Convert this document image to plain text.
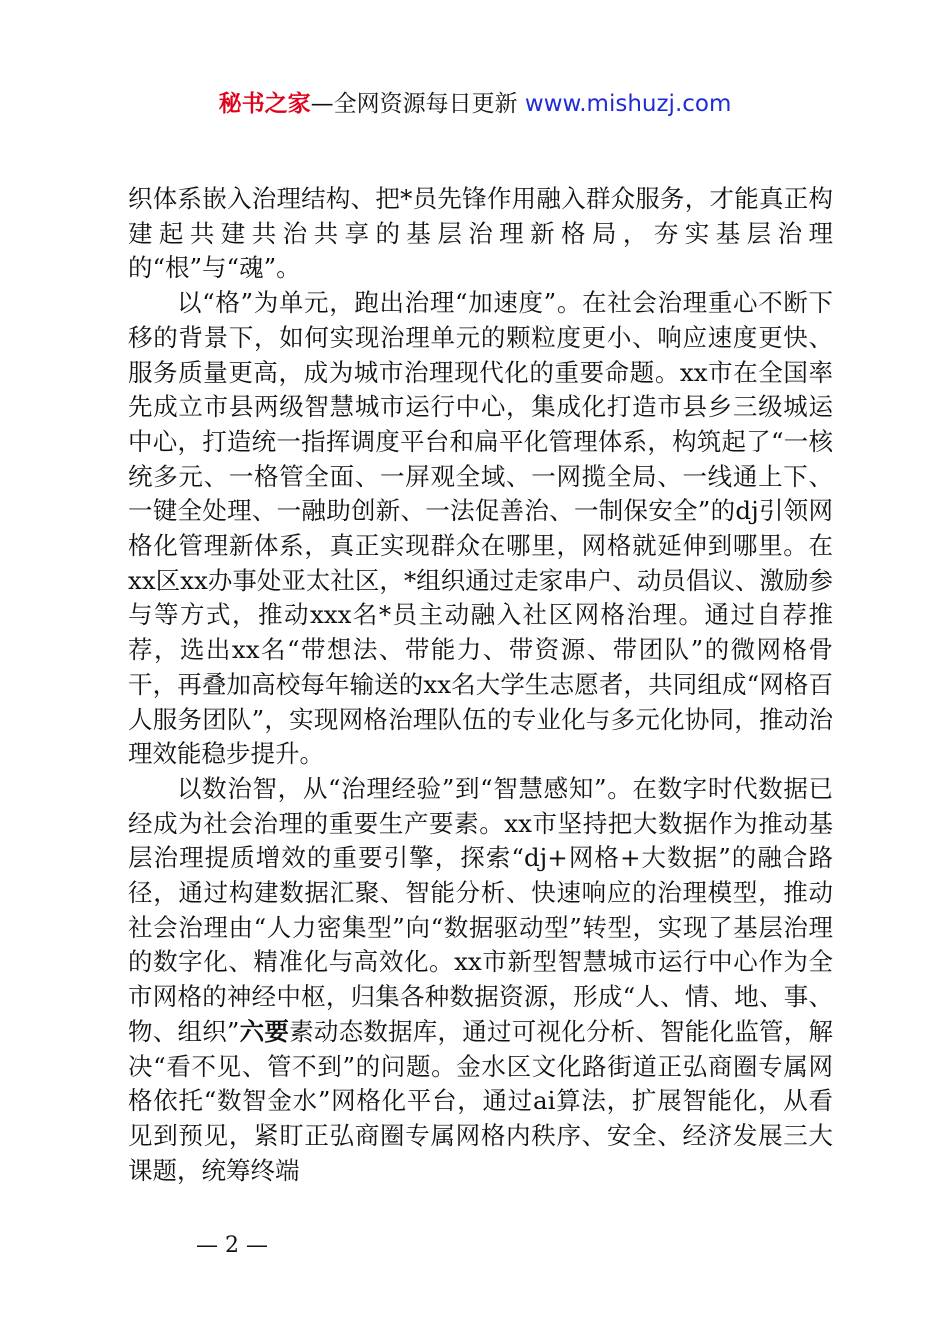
秘书之家—全网资源每日更新 www.mishuzj.com

织体系嵌入治理结构、把*员先锋作用融入群众服务，才能真正构建起共建共治共享的基层治理新格局，夯实基层治理的“根”与“魂”。

以“格”为单元，跑出治理“加速度”。在社会治理重心不断下移的背景下，如何实现治理单元的颗粒度更小、响应速度更快、服务质量更高，成为城市治理现代化的重要命题。xx市在全国率先成立市县两级智慧城市运行中心，集成化打造市县乡三级城运中心，打造统一指挥调度平台和扁平化管理体系，构筑起了“一核统多元、一格管全面、一屏观全域、一网揽全局、一线通上下、一键全处理、一融助创新、一法促善治、一制保安全”的dj引领网格化管理新体系，真正实现群众在哪里，网格就延伸到哪里。在xx区xx办事处亚太社区，*组织通过走家串户、动员倡议、激励参与等方式，推动xxx名*员主动融入社区网格治理。通过自荐推荐，选出xx名“带想法、带能力、带资源、带团队”的微网格骨干，再叠加高校每年输送的xx名大学生志愿者，共同组成“网格百人服务团队”，实现网格治理队伍的专业化与多元化协同，推动治理效能稳步提升。

以数治智，从“治理经验”到“智慧感知”。在数字时代数据已经成为社会治理的重要生产要素。xx市坚持把大数据作为推动基层治理提质增效的重要引擎，探索“dj+网格+大数据”的融合路径，通过构建数据汇聚、智能分析、快速响应的治理模型，推动社会治理由“人力密集型”向“数据驱动型”转型，实现了基层治理的数字化、精准化与高效化。xx市新型智慧城市运行中心作为全市网格的神经中枢，归集各种数据资源，形成“人、情、地、事、物、组织”六要素动态数据库，通过可视化分析、智能化监管，解决“看不见、管不到”的问题。金水区文化路街道正弘商圈专属网格依托“数智金水”网格化平台，通过ai算法，扩展智能化，从看见到预见，紧盯正弘商圈专属网格内秩序、安全、经济发展三大课题，统筹终端

— 2 —
